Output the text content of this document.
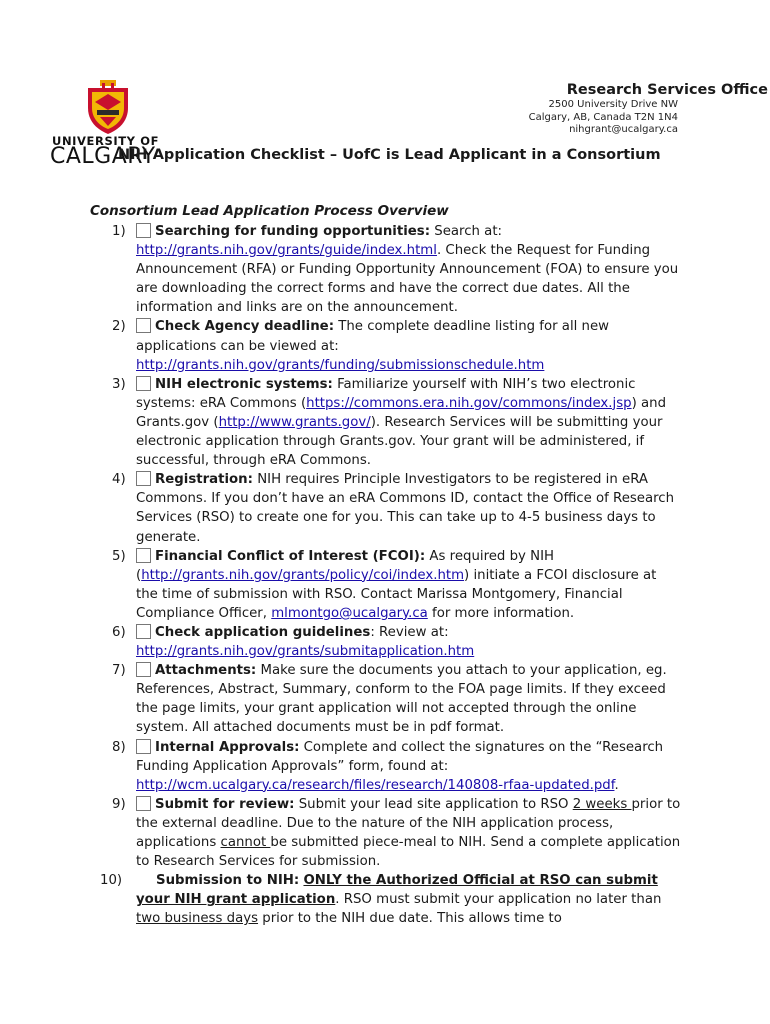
UNIVERSITY OF
CALGARY
Research Services Office
2500 University Drive NW
Calgary, AB, Canada T2N 1N4
nihgrant@ucalgary.ca
NIH Application Checklist – UofC is Lead Applicant in a Consortium
Consortium Lead Application Process Overview
1)	Searching for funding opportunities: Search at: http://grants.nih.gov/grants/guide/index.html. Check the Request for Funding Announcement (RFA) or Funding Opportunity Announcement (FOA) to ensure you are downloading the correct forms and have the correct due dates. All the information and links are on the announcement.
2)	Check Agency deadline: The complete deadline listing for all new applications can be viewed at: http://grants.nih.gov/grants/funding/submissionschedule.htm
3)	NIH electronic systems: Familiarize yourself with NIH’s two electronic systems: eRA Commons (https://commons.era.nih.gov/commons/index.jsp) and Grants.gov (http://www.grants.gov/). Research Services will be submitting your electronic application through Grants.gov. Your grant will be administered, if successful, through eRA Commons.
4)	Registration: NIH requires Principle Investigators to be registered in eRA Commons. If you don’t have an eRA Commons ID, contact the Office of Research Services (RSO) to create one for you. This can take up to 4-5 business days to generate.
5)	Financial Conflict of Interest (FCOI): As required by NIH (http://grants.nih.gov/grants/policy/coi/index.htm) initiate a FCOI disclosure at the time of submission with RSO. Contact Marissa Montgomery, Financial Compliance Officer, mlmontgo@ucalgary.ca for more information.
6)	Check application guidelines: Review at: http://grants.nih.gov/grants/submitapplication.htm
7)	Attachments: Make sure the documents you attach to your application, eg. References, Abstract, Summary, conform to the FOA page limits. If they exceed the page limits, your grant application will not accepted through the online system. All attached documents must be in pdf format.
8)	Internal Approvals: Complete and collect the signatures on the “Research Funding Application Approvals” form, found at: http://wcm.ucalgary.ca/research/files/research/140808-rfaa-updated.pdf.
9)	Submit for review: Submit your lead site application to RSO 2 weeks prior to the external deadline. Due to the nature of the NIH application process, applications cannot be submitted piece-meal to NIH. Send a complete application to Research Services for submission.
10)	Submission to NIH: ONLY the Authorized Official at RSO can submit your NIH grant application. RSO must submit your application no later than two business days prior to the NIH due date. This allows time to
